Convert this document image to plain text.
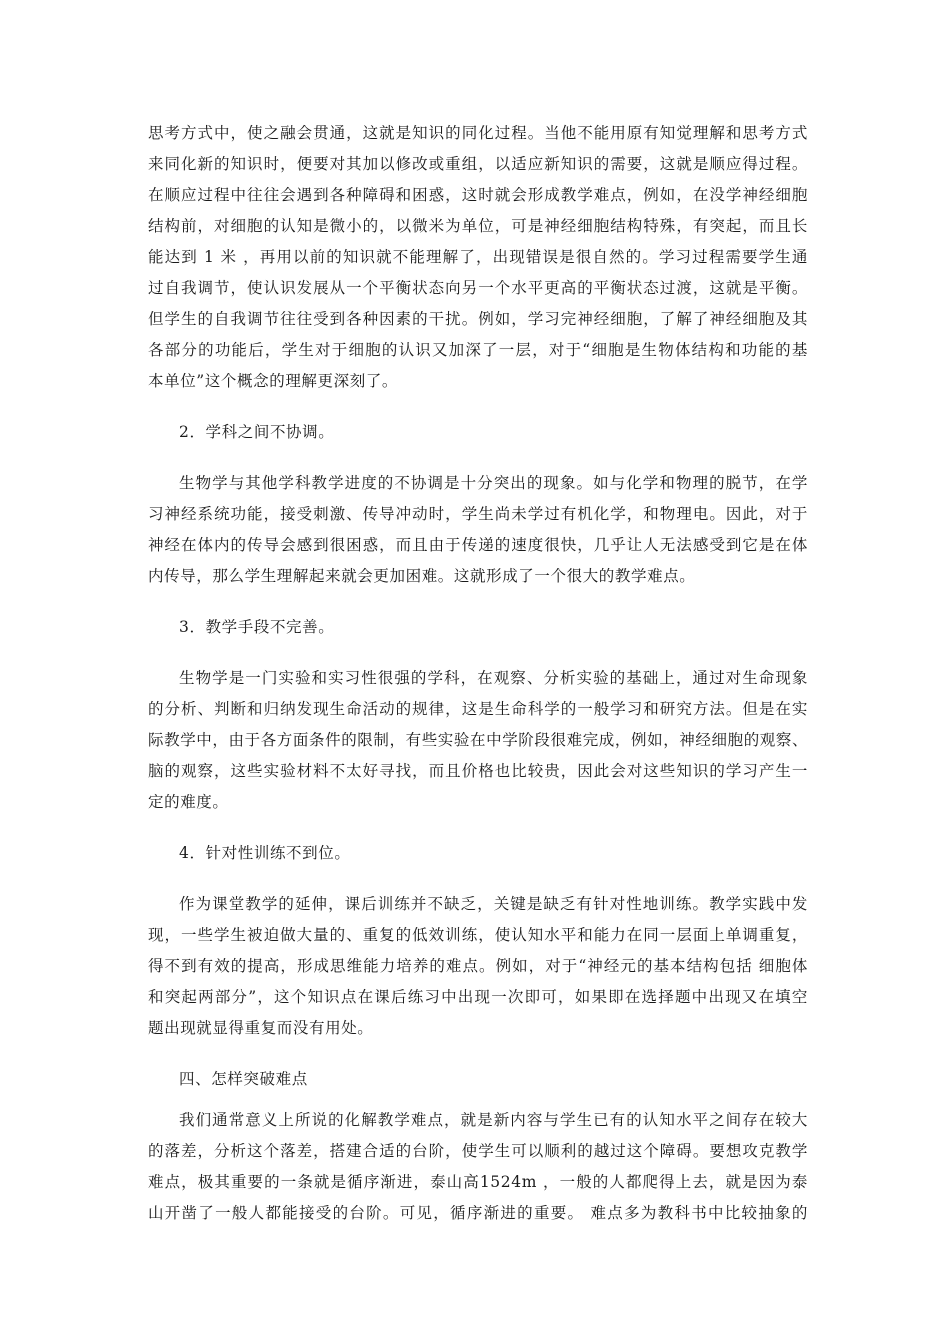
思考方式中，使之融会贯通，这就是知识的同化过程。当他不能用原有知觉理解和思考方式
来同化新的知识时，便要对其加以修改或重组，以适应新知识的需要，这就是顺应得过程。
在顺应过程中往往会遇到各种障碍和困惑，这时就会形成教学难点，例如，在没学神经细胞
结构前，对细胞的认知是微小的，以微米为单位，可是神经细胞结构特殊，有突起，而且长
能达到 1 米 ，再用以前的知识就不能理解了，出现错误是很自然的。学习过程需要学生通
过自我调节，使认识发展从一个平衡状态向另一个水平更高的平衡状态过渡，这就是平衡。
但学生的自我调节往往受到各种因素的干扰。例如，学习完神经细胞，了解了神经细胞及其
各部分的功能后，学生对于细胞的认识又加深了一层，对于“细胞是生物体结构和功能的基
本单位”这个概念的理解更深刻了。

2．学科之间不协调。

生物学与其他学科教学进度的不协调是十分突出的现象。如与化学和物理的脱节，在学
习神经系统功能，接受刺激、传导冲动时，学生尚未学过有机化学，和物理电。因此，对于
神经在体内的传导会感到很困惑，而且由于传递的速度很快，几乎让人无法感受到它是在体
内传导，那么学生理解起来就会更加困难。这就形成了一个很大的教学难点。

3．教学手段不完善。

生物学是一门实验和实习性很强的学科，在观察、分析实验的基础上，通过对生命现象
的分析、判断和归纳发现生命活动的规律，这是生命科学的一般学习和研究方法。但是在实
际教学中，由于各方面条件的限制，有些实验在中学阶段很难完成，例如，神经细胞的观察、
脑的观察，这些实验材料不太好寻找，而且价格也比较贵，因此会对这些知识的学习产生一
定的难度。

4．针对性训练不到位。

作为课堂教学的延伸，课后训练并不缺乏，关键是缺乏有针对性地训练。教学实践中发
现，一些学生被迫做大量的、重复的低效训练，使认知水平和能力在同一层面上单调重复，
得不到有效的提高，形成思维能力培养的难点。例如，对于“神经元的基本结构包括 细胞体
和突起两部分”，这个知识点在课后练习中出现一次即可，如果即在选择题中出现又在填空
题出现就显得重复而没有用处。

四、怎样突破难点

我们通常意义上所说的化解教学难点，就是新内容与学生已有的认知水平之间存在较大
的落差，分析这个落差，搭建合适的台阶，使学生可以顺利的越过这个障碍。要想攻克教学
难点，极其重要的一条就是循序渐进，泰山高1524m ，一般的人都爬得上去，就是因为泰
山开凿了一般人都能接受的台阶。可见，循序渐进的重要。 难点多为教科书中比较抽象的
